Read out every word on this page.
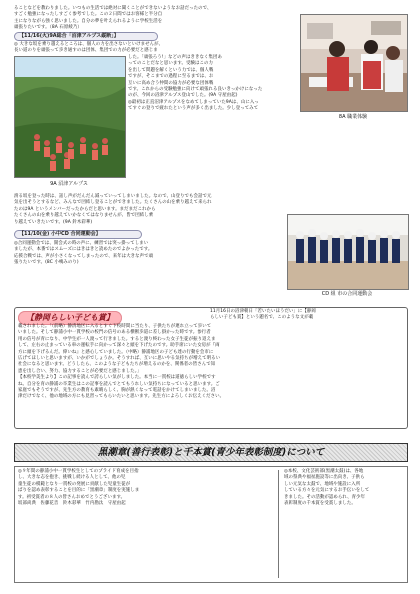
ることなどを教わりました。いつもの生活では絶対に聞くことができないようなお話だったので、
すごく勉強になったしすごく参考でした。この２日間ではお客様と半分自
主になりながら強く思いました。自分の夢を叶えられるように学校生活を
頑張りたいです。（8A 石原綾乃）
8A 職業体験
【11/16(火)9A総合「沼津アルプス縦断」】
◎ 大きな坂を乗り越えるところは、個人の力を出さないといけませんが、
長い道のりを頑張って歩き通すのは団体、集団での力が必要だと感じま
9A 沼津アルプス
した。「頑張ろう!」などの声はききなく集団あ
ってのことだなと思います。受験はこの力
を出して問題を解くという力では、個人戦
ですが、そこまでの過程に至るまでは、お
互いに高め合う仲間の協力が必要な団体戦
です。これからの受験勉強に向けて頑張れる良いきっかけになった
のが、今回の沼津アルプス登山でした。(9A 守屋由起)
◎最初は正直沼津アルプスをなめてしまっていた9Aは、山に入っ
てすぐの登りで疲れたという声が多く出ました。少し登ってみて
滑る坂を登った時は、話し声がだんだん減っていってしまいました。なので、山登りでも会話で元
気を出そうとするなど、みんなで団結し登ることができました。たくさんの山を乗り越えて来られ
たのは9A というメンバーだったからだと思います。まだまだこれから
たくさんの山を乗り越えていかなくてはなりませんが、皆で団結し乗
り越えていきたいです。(9A 鈴木彩華)
【11/10(金) 小中CD 合同運動会】
◎合同運動会では、開会式の時の声に、練習では突っ掛ってしまい
ましたが、本番ではスムーズにはきはきと読めたのでよかったです。
応援合戦では、声が小さくなってしまったので、来年は大きな声で頑
張りたいです。(8C 小嶋みのり)
CD 組 市の合同運動会
【静岡らしい子ども賞】
11月16日の沼津朝日「若いたいほうだい」に【静岡
らしい子ども賞】という題名で、このような文が載
載されました。「（前略）静清地区に入るとすぐ下校時間に当たり、子供たちが連れ立って歩いて
いました。そして静浦小中一貫学校の校門の信号のある横断歩道に差し掛かった時です。参行者
用の信号が青になり、中学生が一人渡って行きました。すると渡り終わった女子生徒が振り返えま
して、左右の止まっている車の運転手に向かって深々と頭を下げたのです。助手席にいた女房が『両
方に頭を下げるんだ。偉いね』と感心していました。（中略）静浦地区の子ども達の行動を会市に
広げてほしいと思いますが、いかがでしょうか。そうすれば、互いに思いやる気持ちが増えて明るい
社会になると思います。どうしたら、このような子どもたちが増えるのかを、関係者の皆さんで知
恵を出し合い、努力、協力することが必要だと感じました。」
【本校学美生より】この記事を読んで誇らしい気がしました。本当に一貫校は道徳らしい学校です
ね。自分を育の静浦の卒業生はこの記事を読んでとてもうれしい気持ちになっていると思います。ご
家庭でもそうですが、先生方の教育も素晴らしく、胸が熱くなって電話をかけてしまいました。沼
津だけでなく、他の地域の方にも見習ってもらいたいと思います。先生方によろしくお伝えください。
黒潮章(善行表彰)と千本賞(青少年表彰制度)について
◎９年間の静浦小中一貫学校生としてのプライド育成を目指
し、大きな志を抱き、挑戦し続ける人として、他の児
童生徒の模範となり一貫校の発展に貢献した児童生徒が
ばりを認め表彰することを目的に「黒潮章」制度を実施しま
す。初受賞者の８人の皆さんおめでとうございます。
坂部尚典　佐藤花音　鈴木彩華　竹内勘汰　守屋由起
◎本校、文化芸術部(黒潮太鼓)は、各地
域の祭典や福祉施設等に出向き、子供ら
しい元気な太鼓で、地域や施設に入所
している方々を元気にするお手伝いをして
きました。その活動が認められ、青少年
表彰制度の千本賞を受賞しました。
